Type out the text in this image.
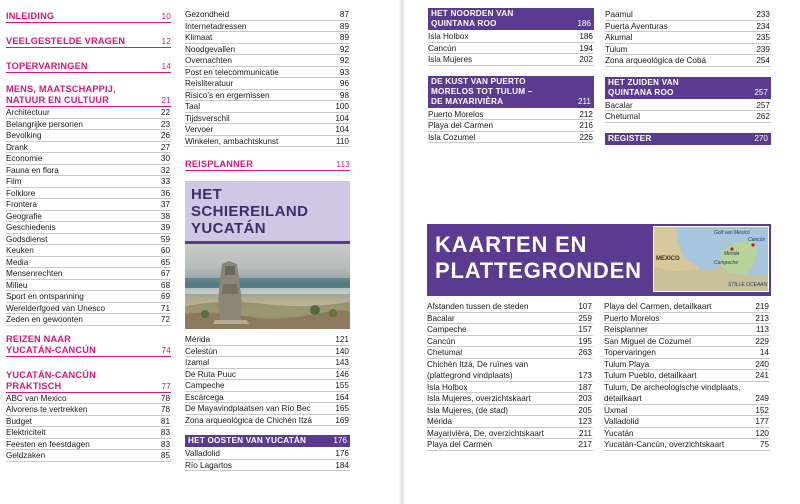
INLEIDING	10
VEELGESTELDE VRAGEN	12
TOPERVARINGEN	14
MENS, MAATSCHAPPIJ,
NATUUR EN CULTUUR	21
Architectuur	22
Belangrijke personen	23
Bevolking	26
Drank	27
Economie	30
Fauna en flora	32
Film	33
Folklore	36
Frontera	37
Geografie	38
Geschiedenis	39
Godsdienst	59
Keuken	60
Media	65
Mensenrechten	67
Milieu	68
Sport en ontspanning	69
Werelderfgoed van Unesco	71
Zeden en gewoonten	72
REIZEN NAAR
YUCATÁN-CANCÚN	74
YUCATÁN-CANCÚN
PRAKTISCH	77
ABC van Mexico	78
Alvorens te vertrekken	78
Budget	81
Elektriciteit	83
Feesten en feestdagen	83
Geldzaken	85
Gezondheid	87
Internetadressen	89
Klimaat	89
Noodgevallen	92
Overnachten	92
Post en telecommunicatie	93
Reisliteratuur	96
Risico’s en ergernissen	98
Taal	100
Tijdsverschil	104
Vervoer	104
Winkelen, ambachtskunst	110
REISPLANNER	113
HET SCHIEREILAND
YUCATÁN
Mérida	121
Celestún	140
Izamal	143
De Ruta Puuc	146
Campeche	155
Escárcega	164
De Mayavindplaatsen van Río Bec	165
Zona arqueológica de Chichén Itzá	169
HET OOSTEN VAN YUCATÁN	176
Valladolid	176
Río Lagartos	184
HET NOORDEN VAN
QUINTANA ROO	186
Isla Holbox	186
Cancún	194
Isla Mujeres	202
DE KUST VAN PUERTO
MORELOS TOT TULUM –
DE MAYARIVIÈRA	211
Puerto Morelos	212
Playa del Carmen	216
Isla Cozumel	226
Paamul	233
Puerta Aventuras	234
Akumal	235
Tulum	239
Zona arqueológica de Cobá	254
HET ZUIDEN VAN
QUINTANA ROO	257
Bacalar	257
Chetumal	262
REGISTER	270
KAARTEN EN
PLATTEGRONDEN
Golf van Mexico
Mérida
Cancún
Campeche
MEXICO
STILLE OCEAAN
Afstanden tussen de steden	107
Bacalar	259
Campeche	157
Cancún	195
Chetumal	263
Chichén Itzá, De ruïnes van
(plattegrond vindplaats)	173
Isla Holbox	187
Isla Mujeres, overzichtskaart	203
Isla Mujeres, (de stad)	205
Mérida	123
Mayarivièra, De, overzichtskaart	211
Playa del Carmen	217
Playa del Carmen, detailkaart	219
Puerto Morelos	213
Reisplanner	113
San Miguel de Cozumel	229
Topervaringen	14
Tulum Playa	240
Tulum Pueblo, detailkaart	241
Tulum, De archeologische vindplaats,
detailkaart	249
Uxmal	152
Valladolid	177
Yucatán	120
Yucatán-Cancún, overzichtskaart	75
